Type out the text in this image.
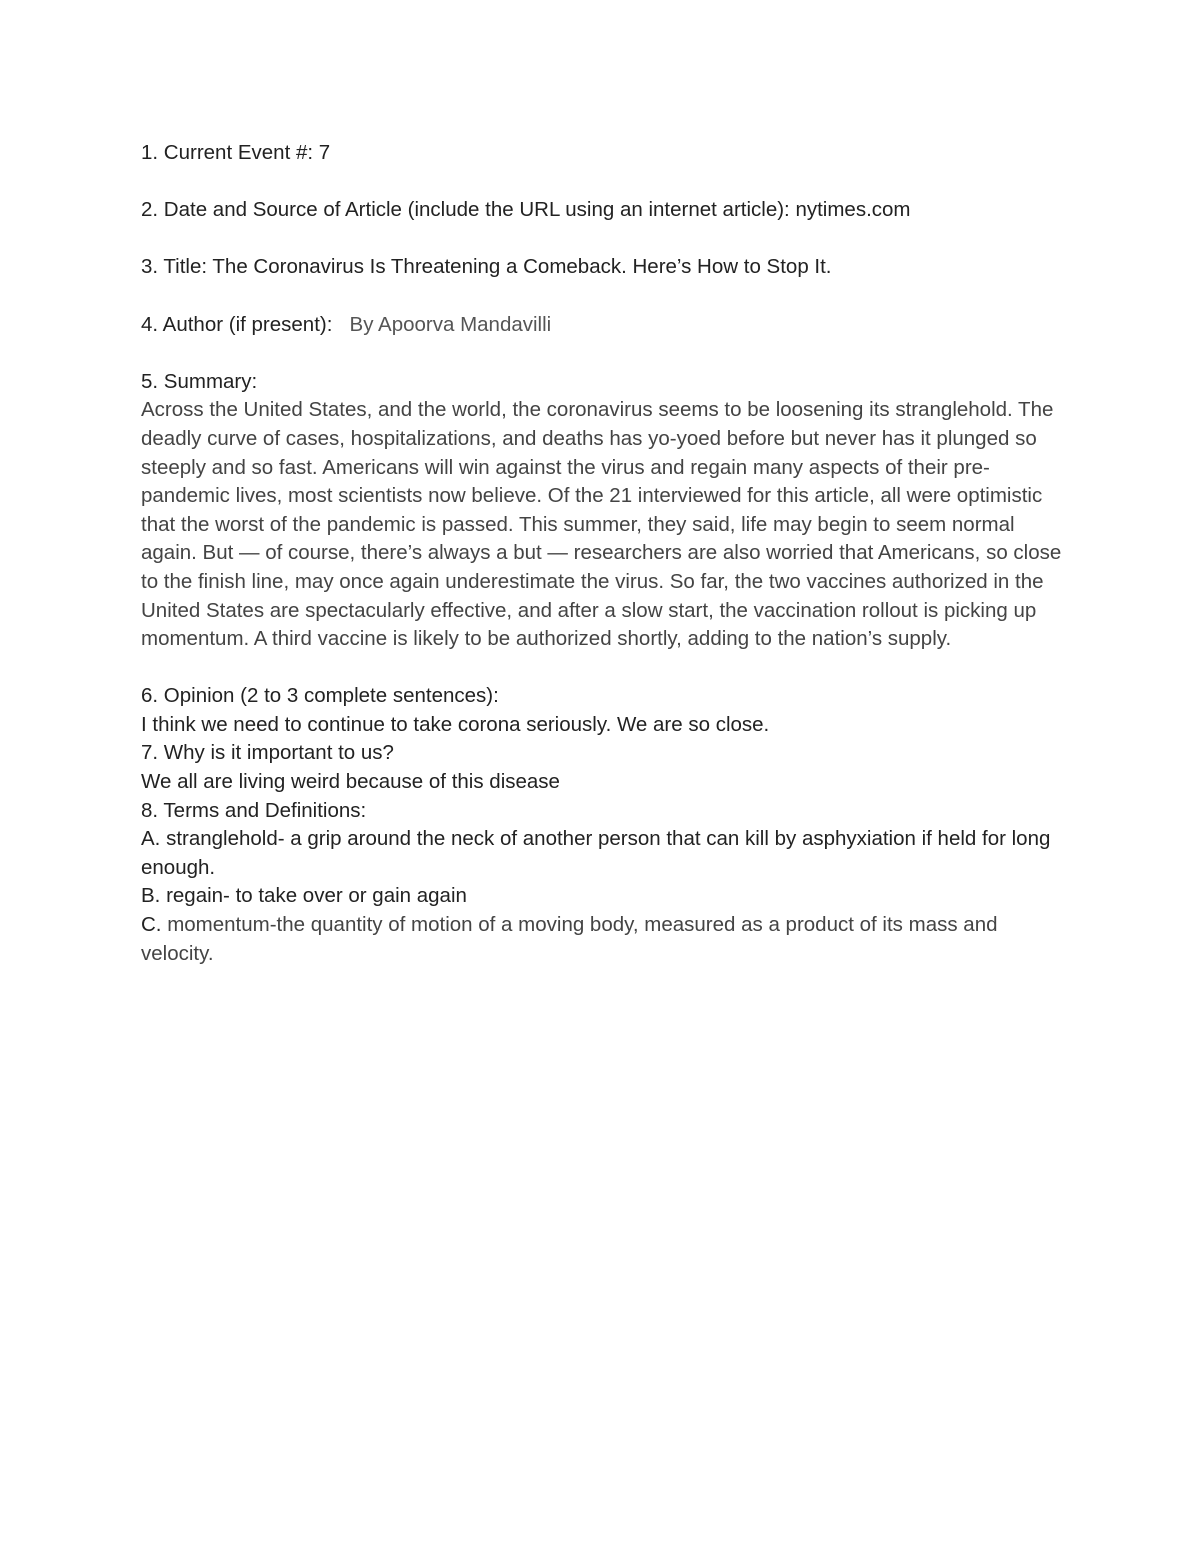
1. Current Event #: 7

2. Date and Source of Article (include the URL using an internet article): nytimes.com

3. Title: The Coronavirus Is Threatening a Comeback. Here’s How to Stop It.

4. Author (if present): By Apoorva Mandavilli

5. Summary:

Across the United States, and the world, the coronavirus seems to be loosening its stranglehold. The deadly curve of cases, hospitalizations, and deaths has yo-yoed before but never has it plunged so steeply and so fast. Americans will win against the virus and regain many aspects of their pre-pandemic lives, most scientists now believe. Of the 21 interviewed for this article, all were optimistic that the worst of the pandemic is passed. This summer, they said, life may begin to seem normal again. But — of course, there’s always a but — researchers are also worried that Americans, so close to the finish line, may once again underestimate the virus. So far, the two vaccines authorized in the United States are spectacularly effective, and after a slow start, the vaccination rollout is picking up momentum. A third vaccine is likely to be authorized shortly, adding to the nation’s supply.

6. Opinion (2 to 3 complete sentences):

I think we need to continue to take corona seriously. We are so close.

7. Why is it important to us?

We all are living weird because of this disease

8. Terms and Definitions:

A. stranglehold- a grip around the neck of another person that can kill by asphyxiation if held for long enough.

B. regain- to take over or gain again

C. momentum-the quantity of motion of a moving body, measured as a product of its mass and velocity.
